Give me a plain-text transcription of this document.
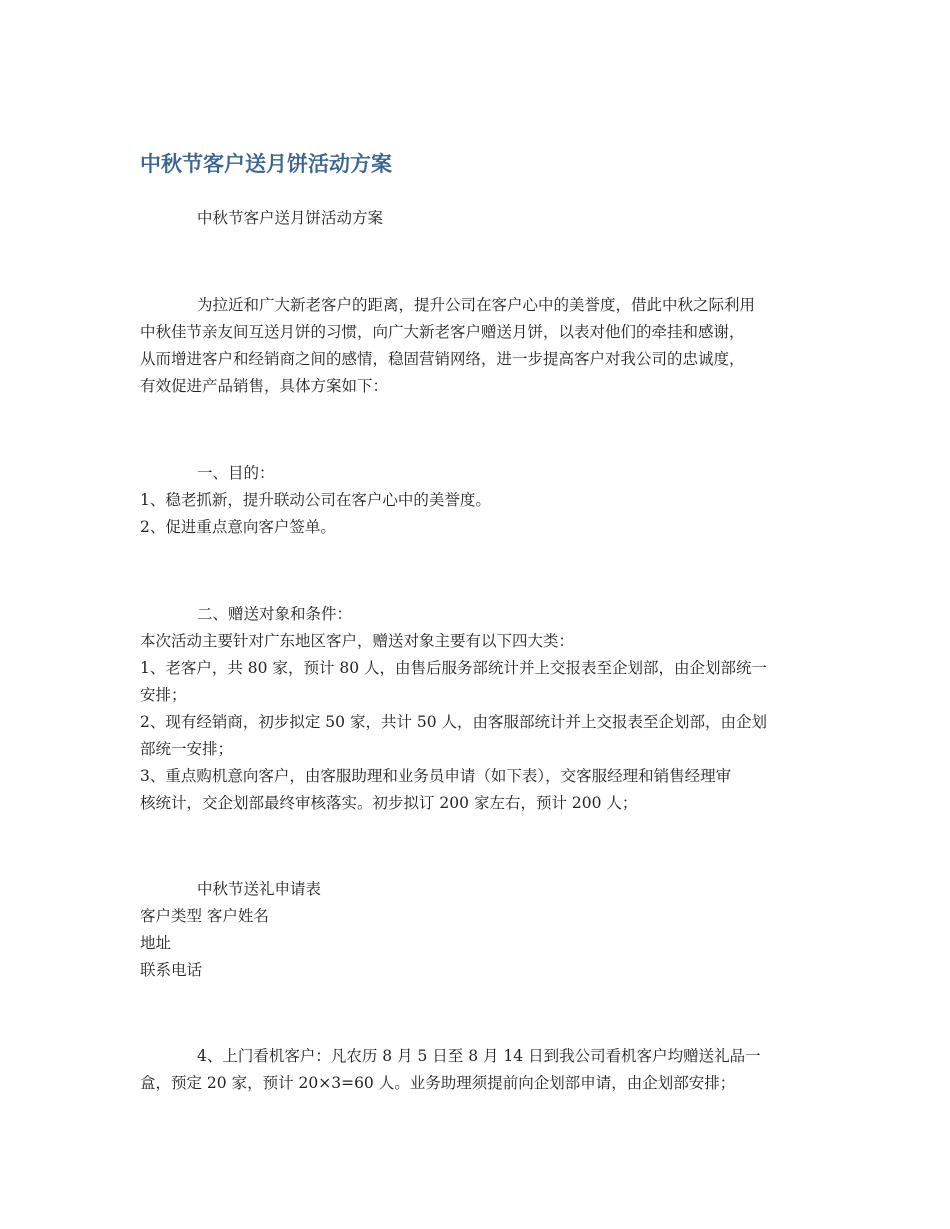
中秋节客户送月饼活动方案

中秋节客户送月饼活动方案

为拉近和广大新老客户的距离，提升公司在客户心中的美誉度，借此中秋之际利用

中秋佳节亲友间互送月饼的习惯，向广大新老客户赠送月饼，以表对他们的牵挂和感谢，

从而增进客户和经销商之间的感情，稳固营销网络，进一步提高客户对我公司的忠诚度，

有效促进产品销售，具体方案如下：

一、目的：

1、稳老抓新，提升联动公司在客户心中的美誉度。

2、促进重点意向客户签单。

二、赠送对象和条件：

本次活动主要针对广东地区客户，赠送对象主要有以下四大类：

1、老客户，共 80 家，预计 80 人，由售后服务部统计并上交报表至企划部，由企划部统一

安排；

2、现有经销商，初步拟定 50 家，共计 50 人，由客服部统计并上交报表至企划部，由企划

部统一安排；

3、重点购机意向客户，由客服助理和业务员申请（如下表），交客服经理和销售经理审

核统计，交企划部最终审核落实。初步拟订 200 家左右，预计 200 人；

中秋节送礼申请表

客户类型 客户姓名

地址

联系电话

4、上门看机客户：凡农历 8 月 5 日至 8 月 14 日到我公司看机客户均赠送礼品一

盒，预定 20 家，预计 20×3=60 人。业务助理须提前向企划部申请，由企划部安排；
